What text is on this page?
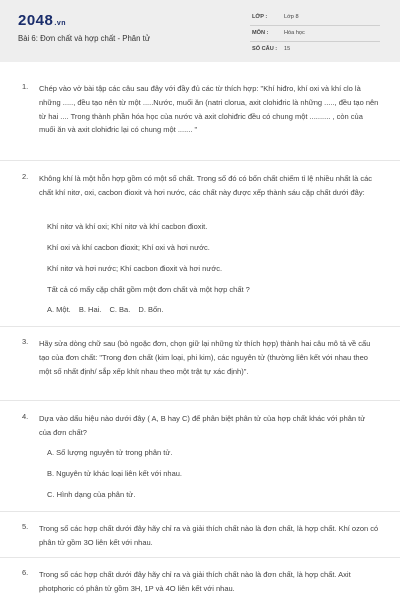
2048.vn
Bài 6: Đơn chất và hợp chất - Phân tử
LỚP :	Lớp 8
MÔN :	Hóa học
SỐ CÂU : 15
1. Chép vào vở bài tập các câu sau đây với đầy đủ các từ thích hợp: "Khí hiđro, khí oxi và khí clo là những ....., đều tạo nên từ một .....Nước, muối ăn (natri clorua, axit clohiđric là những ....., đều tạo nên từ hai .... Trong thành phần hóa học của nước và axit clohiđric đều có chung một .......... , còn của muối ăn và axit clohiđric lại có chung một ....... "
2. Không khí là một hỗn hợp gồm có một số chất. Trong số đó có bốn chất chiếm tỉ lệ nhiều nhất là các chất khí nitơ, oxi, cacbon đioxit và hơi nước, các chất này được xếp thành sáu cặp chất dưới đây:
Khí nitơ và khí oxi; Khí nitơ và khí cacbon đioxit.
Khí oxi và khí cacbon đioxit; Khí oxi và hơi nước.
Khí nitơ và hơi nước; Khí cacbon đioxit và hơi nước.
Tất cả có mấy cặp chất gồm một đơn chất và một hợp chất ?
A. Một. B. Hai. C. Ba. D. Bốn.
3. Hãy sửa dòng chữ sau (bỏ ngoặc đơn, chọn giữ lại những từ thích hợp) thành hai câu mô tả về cấu tạo của đơn chất: "Trong đơn chất (kim loại, phi kim), các nguyên tử (thường liên kết với nhau theo một số nhất định/ sắp xếp khít nhau theo một trật tự xác định)".
4. Dựa vào dấu hiệu nào dưới đây ( A, B hay C) để phân biệt phân tử của hợp chất khác với phân tử của đơn chất?
A. Số lượng nguyên tử trong phân tử.
B. Nguyên tử khác loại liên kết với nhau.
C. Hình dạng của phân tử.
5. Trong số các hợp chất dưới đây hãy chỉ ra và giải thích chất nào là đơn chất, là hợp chất. Khí ozon có phân tử gồm 3O liên kết với nhau.
6. Trong số các hợp chất dưới đây hãy chỉ ra và giải thích chất nào là đơn chất, là hợp chất. Axit photphoric có phân tử gồm 3H, 1P và 4O liên kết với nhau.
